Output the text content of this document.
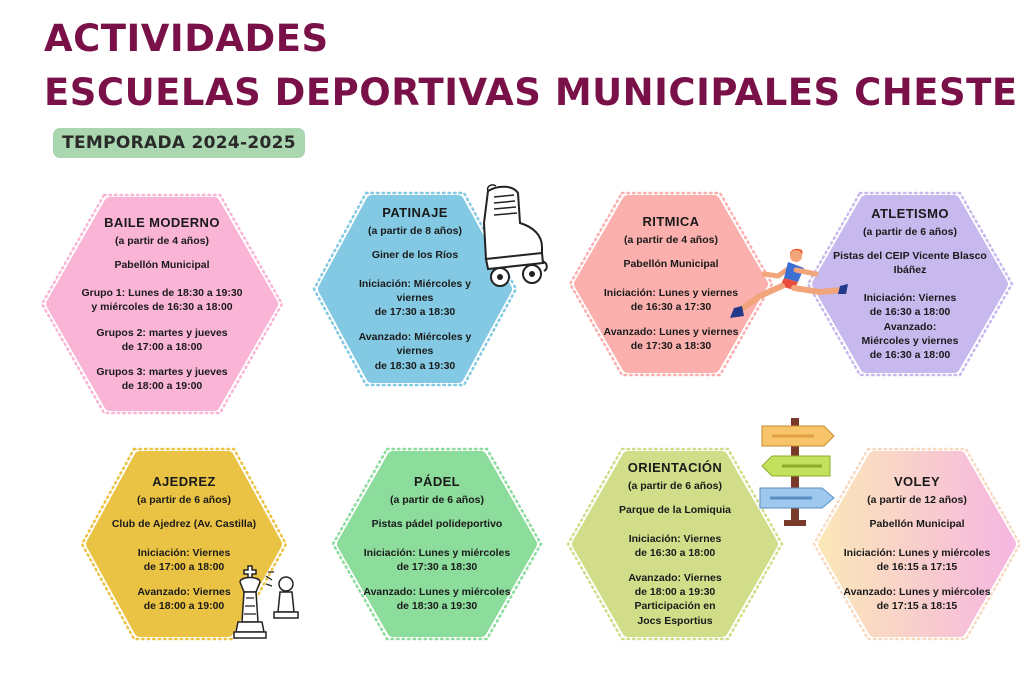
ACTIVIDADES
ESCUELAS DEPORTIVAS MUNICIPALES CHESTE
TEMPORADA 2024-2025
BAILE MODERNO
(a partir de 4 años)
Pabellón Municipal
Grupo 1: Lunes de 18:30 a 19:30
y miércoles de 16:30 a 18:00
Grupos 2: martes y jueves
de 17:00 a 18:00
Grupos 3: martes y jueves
de 18:00 a 19:00
PATINAJE
(a partir de 8 años)
Giner de los Ríos
Iniciación: Miércoles y viernes
de 17:30 a 18:30
Avanzado: Miércoles y viernes
de 18:30 a 19:30
RITMICA
(a partir de 4 años)
Pabellón Municipal
Iniciación: Lunes y viernes
de 16:30 a 17:30
Avanzado: Lunes y viernes
de 17:30 a 18:30
ATLETISMO
(a partir de 6 años)
Pistas del CEIP Vicente Blasco Ibáñez
Iniciación: Viernes
de 16:30 a 18:00
Avanzado:
Miércoles y viernes
de 16:30 a 18:00
AJEDREZ
(a partir de 6 años)
Club de Ajedrez (Av. Castilla)
Iniciación: Viernes
de 17:00 a 18:00
Avanzado: Viernes
de 18:00 a 19:00
PÁDEL
(a partir de 6 años)
Pistas pádel polideportivo
Iniciación: Lunes y miércoles
de 17:30 a 18:30
Avanzado: Lunes y miércoles
de 18:30 a 19:30
ORIENTACIÓN
(a partir de 6 años)
Parque de la Lomiquia
Iniciación: Viernes
de 16:30 a 18:00
Avanzado: Viernes
de 18:00 a 19:30
Participación en
Jocs Esportius
VOLEY
(a partir de 12 años)
Pabellón Municipal
Iniciación: Lunes y miércoles
de 16:15 a 17:15
Avanzado: Lunes y miércoles
de 17:15 a 18:15
